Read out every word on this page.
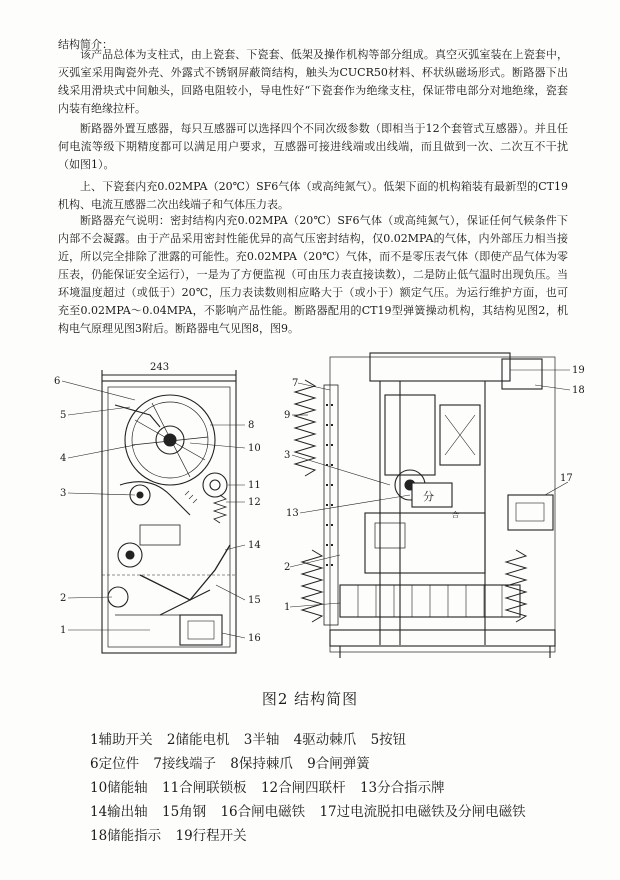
结构简介：
该产品总体为支柱式，由上瓷套、下瓷套、低架及操作机构等部分组成。真空灭弧室装在上瓷套中，灭弧室采用陶瓷外壳、外露式不锈钢屏蔽筒结构，触头为CUCR50材料、杯状纵磁场形式。断路器下出线采用滑块式中间触头，回路电阻较小，导电性好“下瓷套作为绝缘支柱，保证带电部分对地绝缘，瓷套内装有绝缘拉杆。
断路器外置互感器，每只互感器可以选择四个不同次级参数（即相当于12个套管式互感器）。并且任何电流等级下期精度都可以满足用户要求，互感器可接进线端或出线端，而且做到一次、二次互不干扰（如图1）。
上、下瓷套内充0.02MPA（20℃）SF6气体（或高纯氮气）。低架下面的机构箱装有最新型的CT19机构、电流互感器二次出线端子和气体压力表。
断路器充气说明：密封结构内充0.02MPA（20℃）SF6气体（或高纯氮气），保证任何气候条件下内部不会凝露。由于产品采用密封性能优异的高气压密封结构，仅0.02MPA的气体，内外部压力相当接近，所以完全排除了泄露的可能性。充0.02MPA（20℃）气体，而不是零压表气体（即使产品气体为零压表，仍能保证安全运行），一是为了方便监视（可由压力表直接读数），二是防止低气温时出现负压。当环境温度超过（或低于）20℃，压力表读数则相应略大于（或小于）额定气压。为运行维护方面，也可充至0.02MPA～0.04MPA，不影响产品性能。断路器配用的CT19型弹簧操动机构，其结构见图2，机构电气原理见图3附后。断路器电气见图8，图9。
243
6
5
4
3
2
1
8
10
11
12
14
15
16
7
9
3
13
2
1
19
18
17
分
合
图2 结构简图
1辅助开关 2储能电机 3半轴 4驱动棘爪 5按钮
6定位件 7接线端子 8保持棘爪 9合闸弹簧
10储能轴 11合闸联锁板 12合闸四联杆 13分合指示牌
14输出轴 15角钢 16合闸电磁铁 17过电流脱扣电磁铁及分闸电磁铁
18储能指示 19行程开关
